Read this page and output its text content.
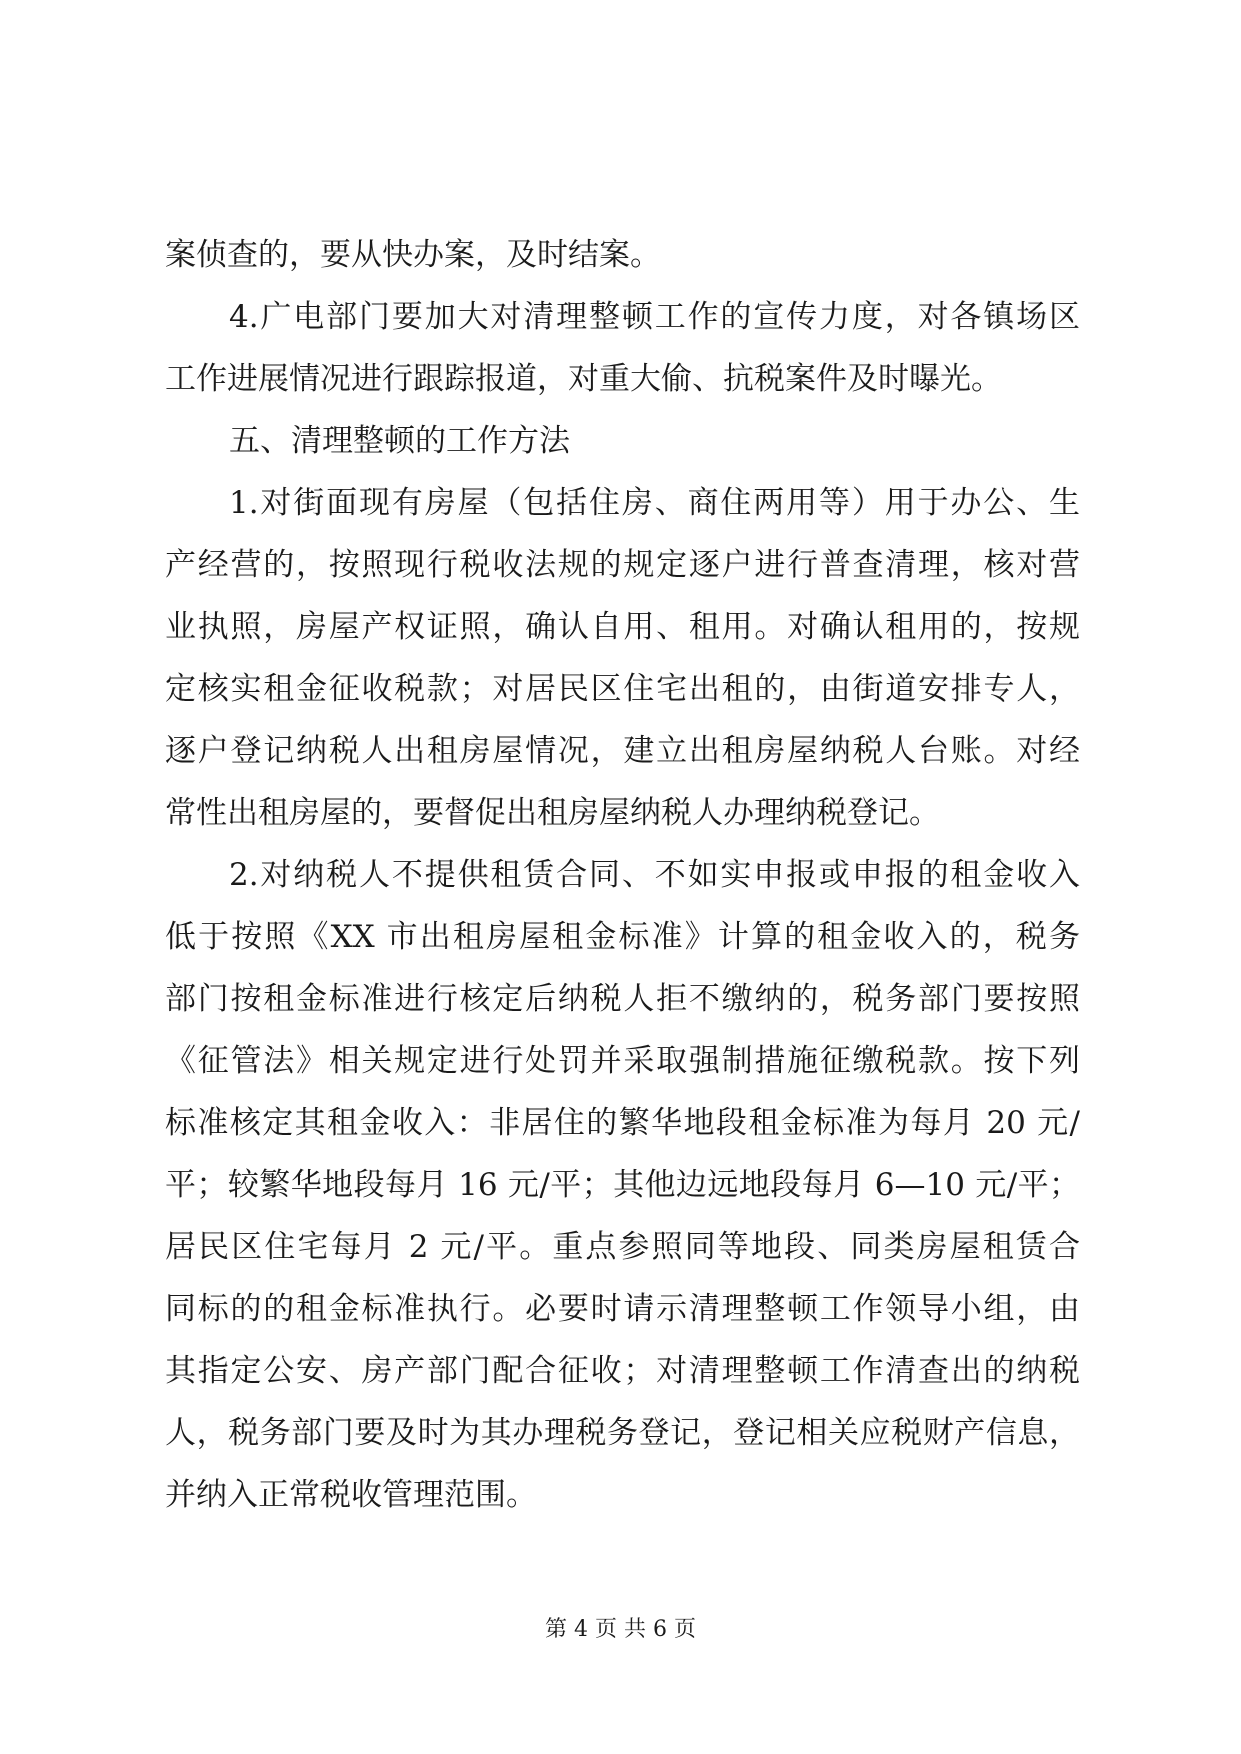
案侦查的，要从快办案，及时结案。
4.广电部门要加大对清理整顿工作的宣传力度，对各镇场区
工作进展情况进行跟踪报道，对重大偷、抗税案件及时曝光。
五、清理整顿的工作方法
1.对街面现有房屋（包括住房、商住两用等）用于办公、生
产经营的，按照现行税收法规的规定逐户进行普查清理，核对营
业执照，房屋产权证照，确认自用、租用。对确认租用的，按规
定核实租金征收税款；对居民区住宅出租的，由街道安排专人，
逐户登记纳税人出租房屋情况，建立出租房屋纳税人台账。对经
常性出租房屋的，要督促出租房屋纳税人办理纳税登记。
2.对纳税人不提供租赁合同、不如实申报或申报的租金收入
低于按照《XX 市出租房屋租金标准》计算的租金收入的，税务
部门按租金标准进行核定后纳税人拒不缴纳的，税务部门要按照
《征管法》相关规定进行处罚并采取强制措施征缴税款。按下列
标准核定其租金收入：非居住的繁华地段租金标准为每月 20 元/
平；较繁华地段每月 16 元/平；其他边远地段每月 6—10 元/平；
居民区住宅每月 2 元/平。重点参照同等地段、同类房屋租赁合
同标的的租金标准执行。必要时请示清理整顿工作领导小组，由
其指定公安、房产部门配合征收；对清理整顿工作清查出的纳税
人，税务部门要及时为其办理税务登记，登记相关应税财产信息，
并纳入正常税收管理范围。
第 4 页 共 6 页
